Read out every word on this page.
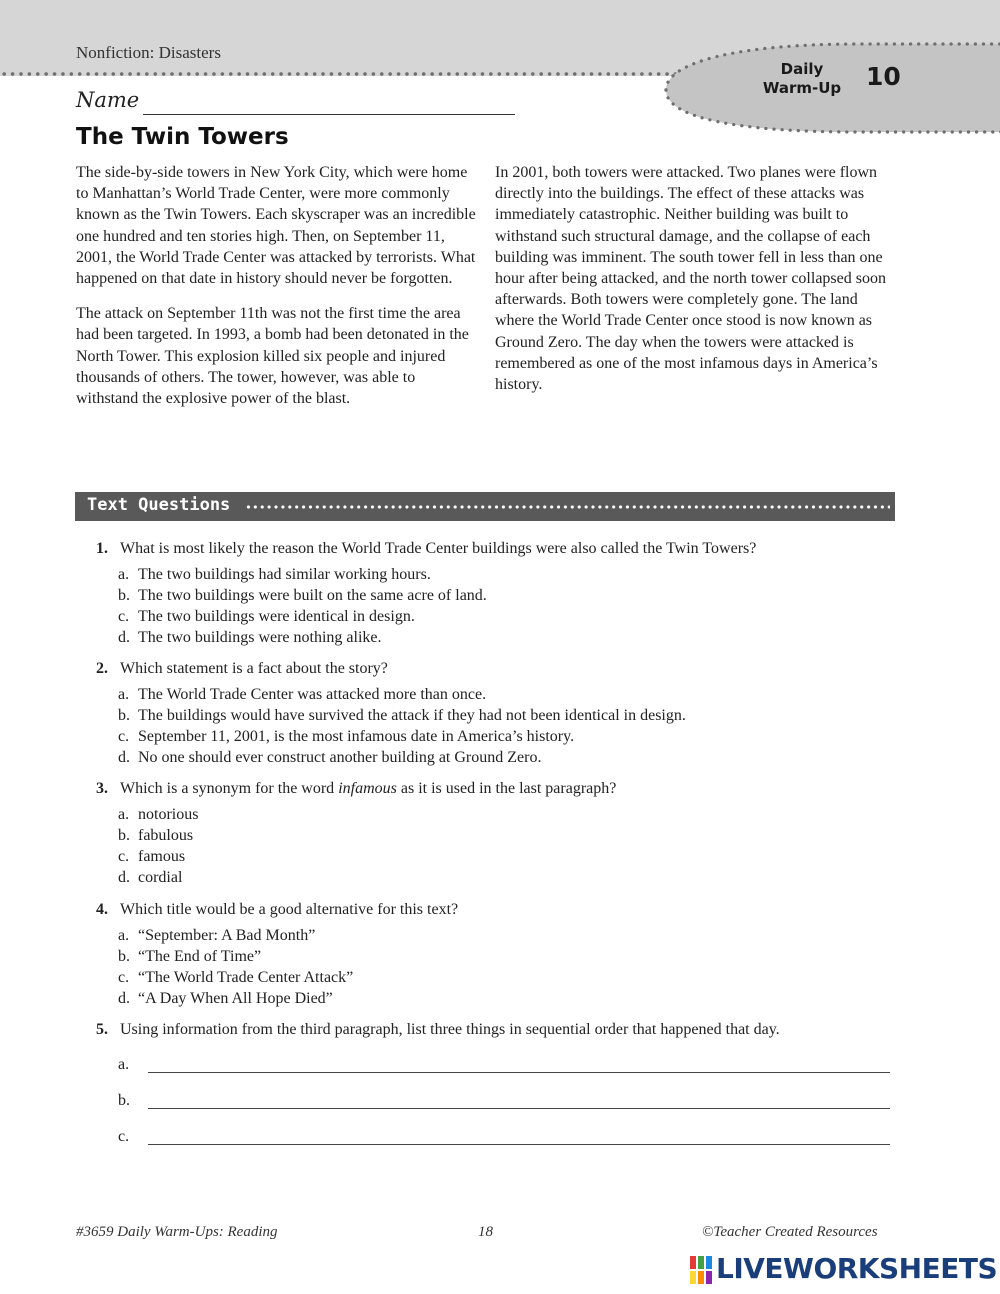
Nonfiction: Disasters
Daily
Warm-Up 10
Name
The Twin Towers

The side-by-side towers in New York City, which were home to Manhattan’s World Trade Center, were more commonly known as the Twin Towers. Each skyscraper was an incredible one hundred and ten stories high. Then, on September 11, 2001, the World Trade Center was attacked by terrorists. What happened on that date in history should never be forgotten.

The attack on September 11th was not the first time the area had been targeted. In 1993, a bomb had been detonated in the North Tower. This explosion killed six people and injured thousands of others. The tower, however, was able to withstand the explosive power of the blast.

In 2001, both towers were attacked. Two planes were flown directly into the buildings. The effect of these attacks was immediately catastrophic. Neither building was built to withstand such structural damage, and the collapse of each building was imminent. The south tower fell in less than one hour after being attacked, and the north tower collapsed soon afterwards. Both towers were completely gone. The land where the World Trade Center once stood is now known as Ground Zero. The day when the towers were attacked is remembered as one of the most infamous days in America’s history.

Text Questions
1. What is most likely the reason the World Trade Center buildings were also called the Twin Towers?
a. The two buildings had similar working hours.
b. The two buildings were built on the same acre of land.
c. The two buildings were identical in design.
d. The two buildings were nothing alike.
2. Which statement is a fact about the story?
a. The World Trade Center was attacked more than once.
b. The buildings would have survived the attack if they had not been identical in design.
c. September 11, 2001, is the most infamous date in America’s history.
d. No one should ever construct another building at Ground Zero.
3. Which is a synonym for the word infamous as it is used in the last paragraph?
a. notorious
b. fabulous
c. famous
d. cordial
4. Which title would be a good alternative for this text?
a. “September: A Bad Month”
b. “The End of Time”
c. “The World Trade Center Attack”
d. “A Day When All Hope Died”
5. Using information from the third paragraph, list three things in sequential order that happened that day.
a.
b.
c.
#3659 Daily Warm-Ups: Reading	18	©Teacher Created Resources
LIVEWORKSHEETS
